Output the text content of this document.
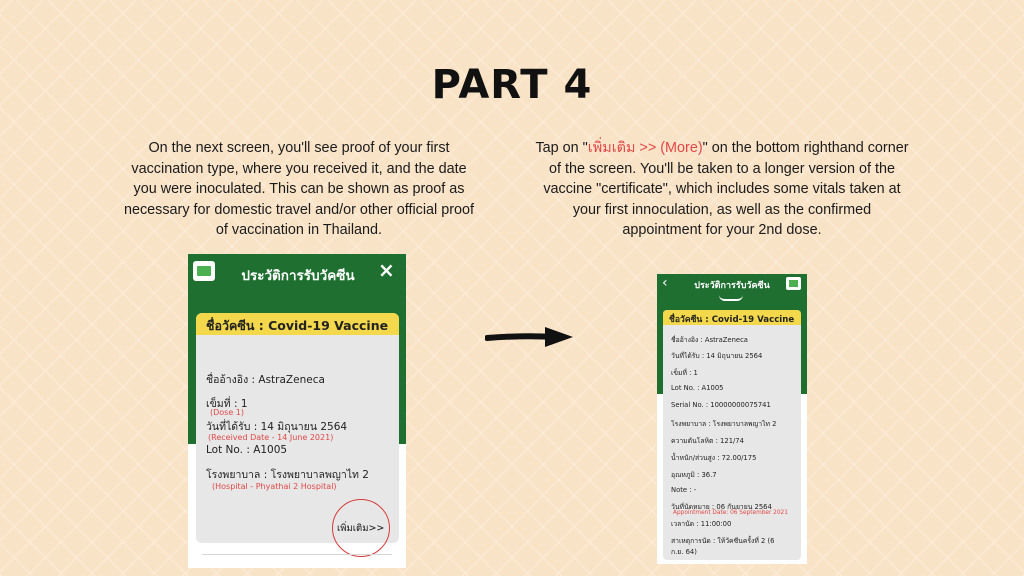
PART 4

On the next screen, you'll see proof of your first vaccination type, where you received it, and the date you were inoculated. This can be shown as proof as necessary for domestic travel and/or other official proof of vaccination in Thailand.

Tap on "เพิ่มเติม >> (More)" on the bottom righthand corner of the screen. You'll be taken to a longer version of the vaccine "certificate", which includes some vitals taken at your first innoculation, as well as the confirmed appointment for your 2nd dose.

ประวัติการรับวัคซีน	×
ชื่อวัคซีน : Covid-19 Vaccine
ชื่ออ้างอิง : AstraZeneca
เข็มที่ : 1
(Dose 1)
วันที่ได้รับ : 14 มิถุนายน 2564
(Received Date - 14 June 2021)
Lot No. : A1005
โรงพยาบาล : โรงพยาบาลพญาไท 2
(Hospital - Phyathai 2 Hospital)
เพิ่มเติม>>
‹	ประวัติการรับวัคซีน
ชื่อวัคซีน : Covid-19 Vaccine
ชื่ออ้างอิง : AstraZeneca
วันที่ได้รับ : 14 มิถุนายน 2564
เข็มที่ : 1
Lot No. : A1005
Serial No. : 10000000075741
โรงพยาบาล : โรงพยาบาลพญาไท 2
ความดันโลหิต : 121/74
น้ำหนัก/ส่วนสูง : 72.00/175
อุณหภูมิ : 36.7
Note : -
วันที่นัดหมาย : 06 กันยายน 2564
Appointment Date: 06 September 2021
เวลานัด : 11:00:00
สาเหตุการนัด : ให้วัคซีนครั้งที่ 2 (6
ก.ย. 64)
